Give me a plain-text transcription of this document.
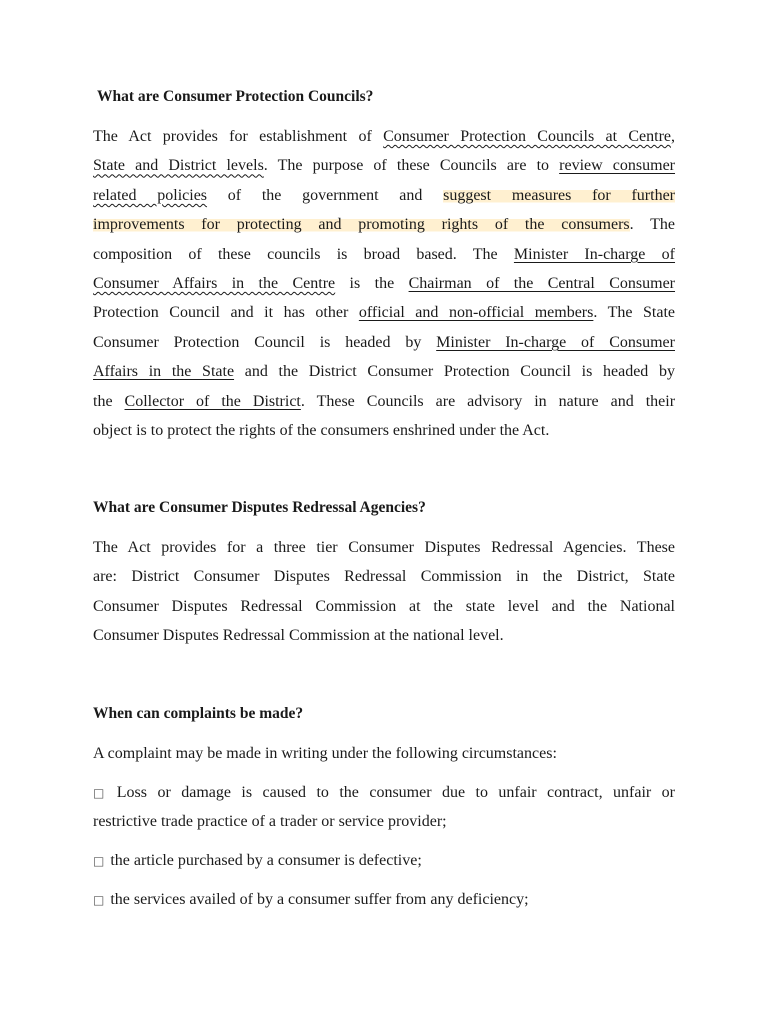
What are Consumer Protection Councils?
The Act provides for establishment of Consumer Protection Councils at Centre,
State and District levels. The purpose of these Councils are to review consumer
related policies of the government and suggest measures for further
improvements for protecting and promoting rights of the consumers. The
composition of these councils is broad based. The Minister In-charge of
Consumer Affairs in the Centre is the Chairman of the Central Consumer
Protection Council and it has other official and non-official members. The State
Consumer Protection Council is headed by Minister In-charge of Consumer
Affairs in the State and the District Consumer Protection Council is headed by
the Collector of the District. These Councils are advisory in nature and their
object is to protect the rights of the consumers enshrined under the Act.
What are Consumer Disputes Redressal Agencies?
The Act provides for a three tier Consumer Disputes Redressal Agencies. These
are: District Consumer Disputes Redressal Commission in the District, State
Consumer Disputes Redressal Commission at the state level and the National
Consumer Disputes Redressal Commission at the national level.
When can complaints be made?
A complaint may be made in writing under the following circumstances:
□ Loss or damage is caused to the consumer due to unfair contract, unfair or
restrictive trade practice of a trader or service provider;
□ the article purchased by a consumer is defective;
□ the services availed of by a consumer suffer from any deficiency;
